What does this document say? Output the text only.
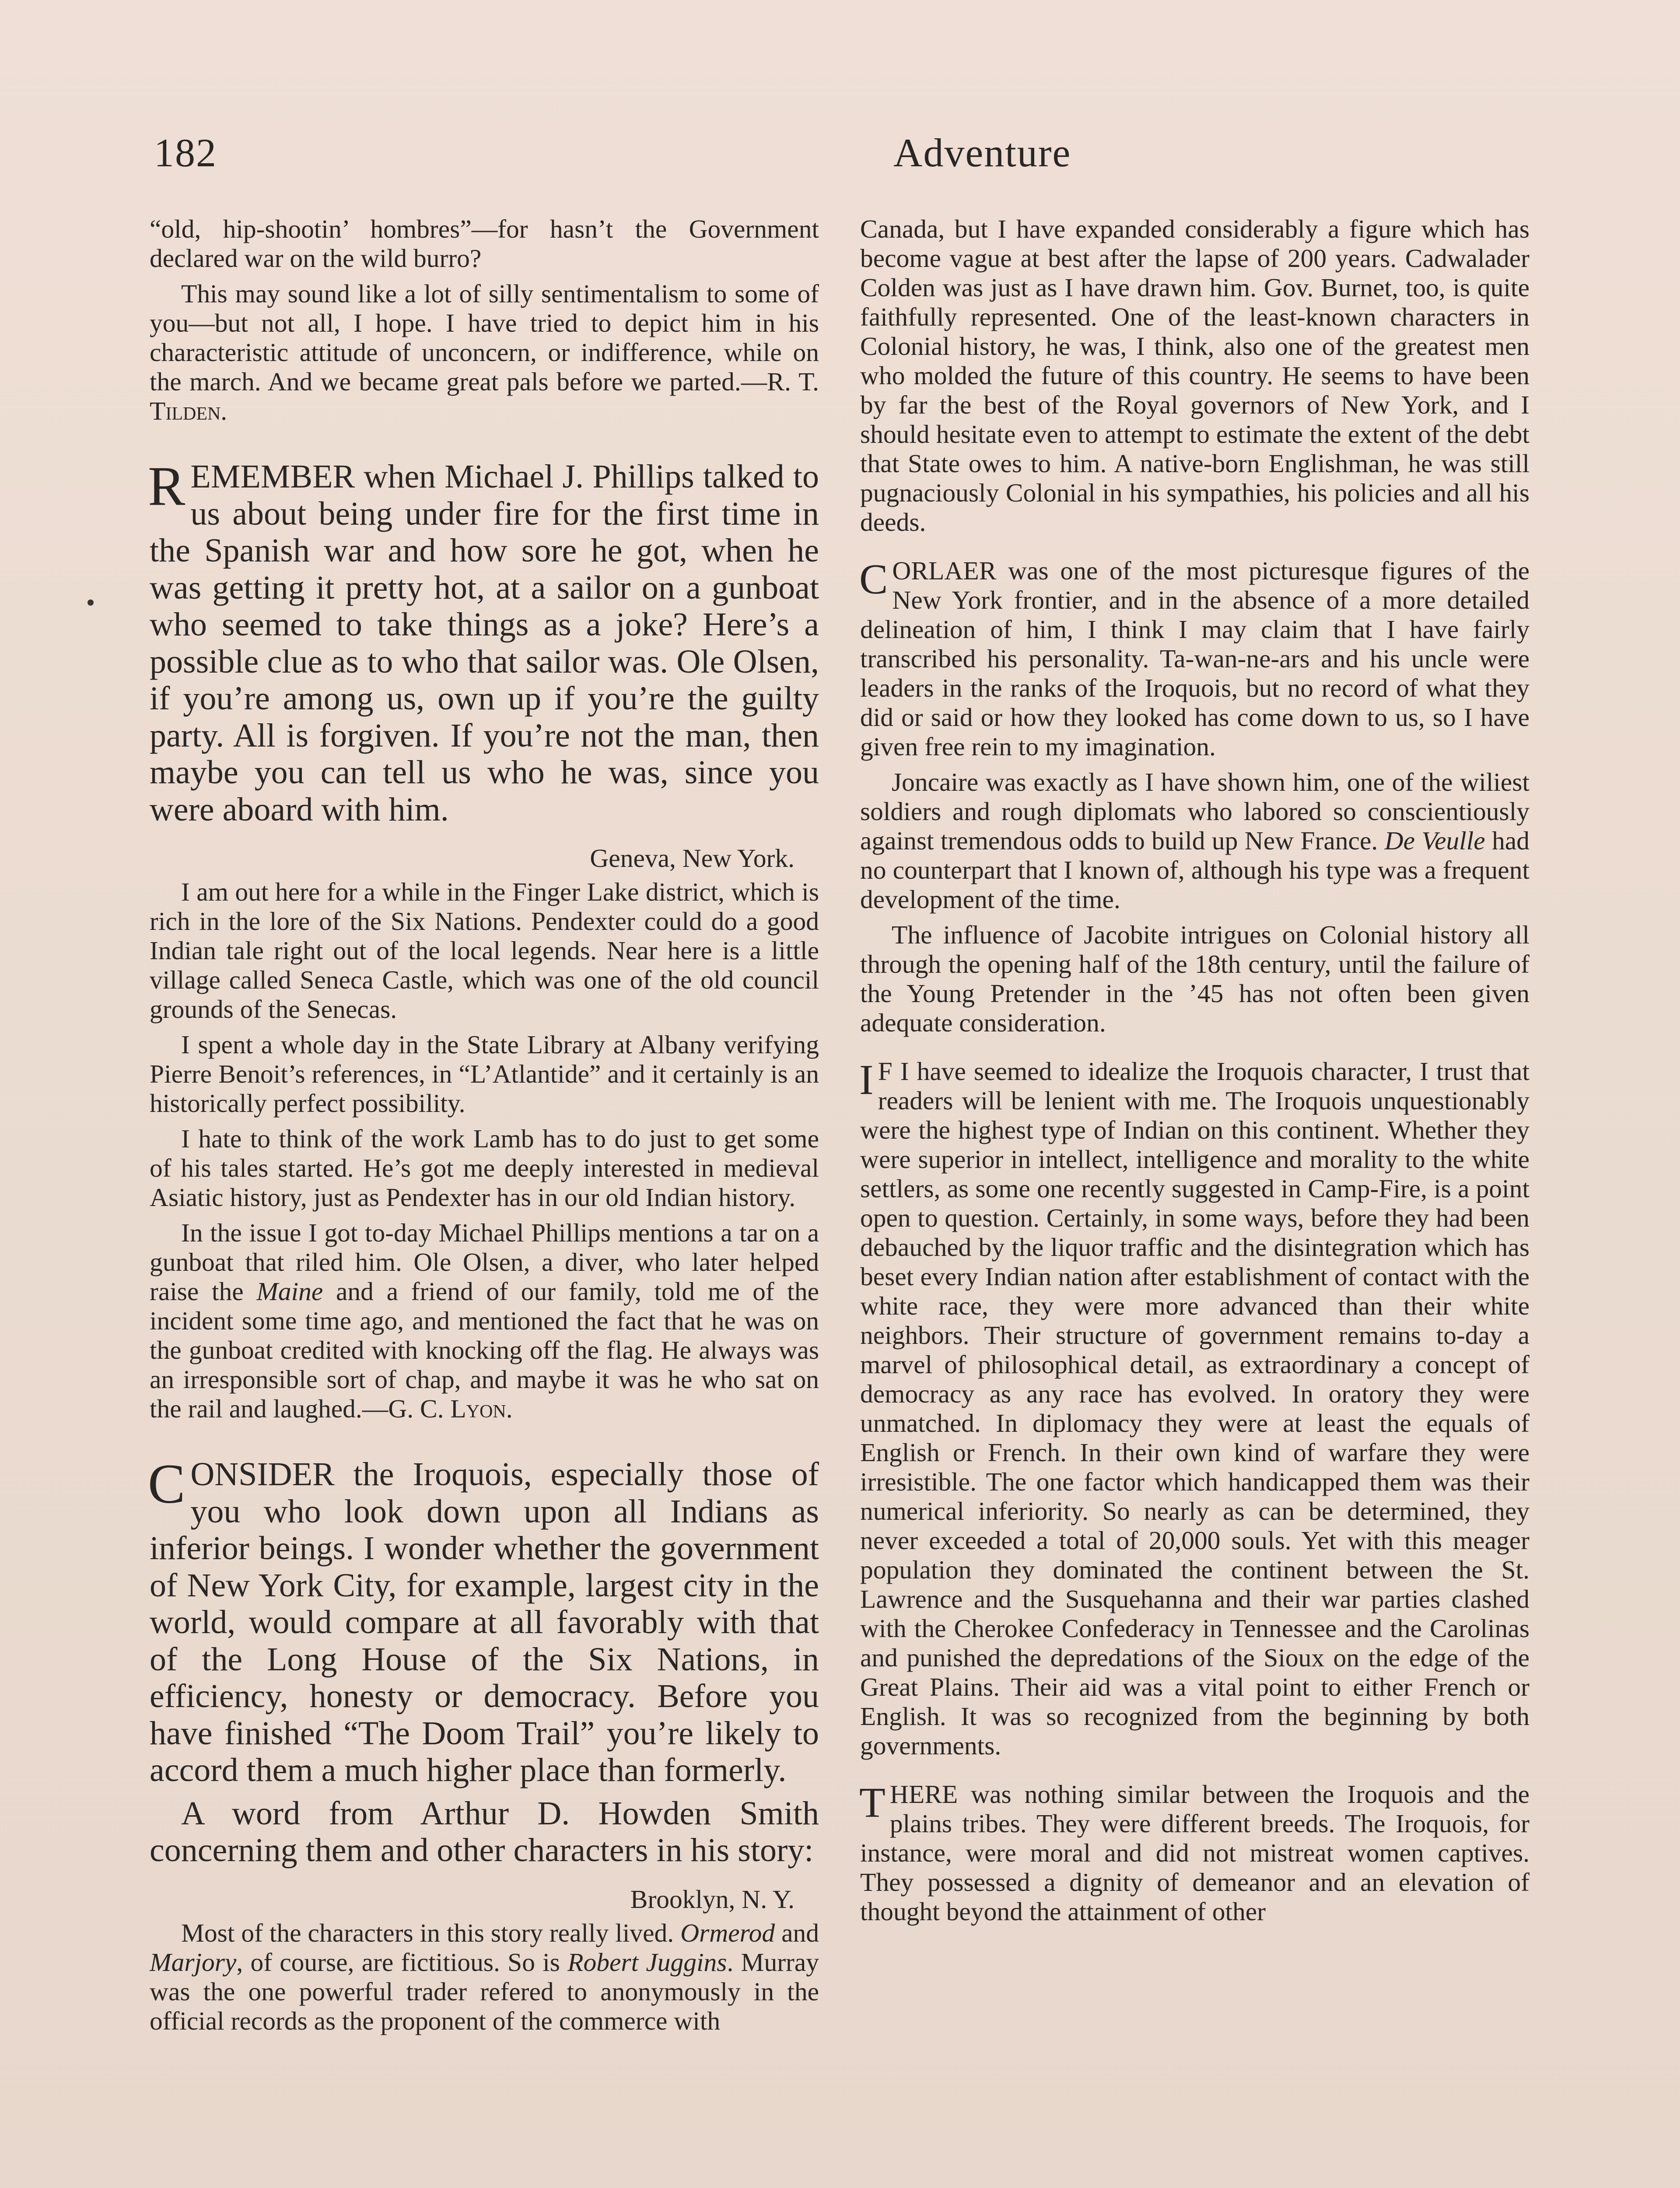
182	Adventure

“old, hip-shootin’ hombres”—for hasn’t the Government declared war on the wild burro?

This may sound like a lot of silly sentimentalism to some of you—but not all, I hope. I have tried to depict him in his characteristic attitude of unconcern, or indifference, while on the march. And we became great pals before we parted.—R. T. Tilden.

REMEMBER when Michael J. Phillips talked to us about being under fire for the first time in the Spanish war and how sore he got, when he was getting it pretty hot, at a sailor on a gunboat who seemed to take things as a joke? Here’s a possible clue as to who that sailor was. Ole Olsen, if you’re among us, own up if you’re the guilty party. All is forgiven. If you’re not the man, then maybe you can tell us who he was, since you were aboard with him.

Geneva, New York.

I am out here for a while in the Finger Lake district, which is rich in the lore of the Six Nations. Pendexter could do a good Indian tale right out of the local legends. Near here is a little village called Seneca Castle, which was one of the old council grounds of the Senecas.

I spent a whole day in the State Library at Albany verifying Pierre Benoit’s references, in “L’Atlantide” and it certainly is an historically perfect possibility.

I hate to think of the work Lamb has to do just to get some of his tales started. He’s got me deeply interested in medieval Asiatic history, just as Pendexter has in our old Indian history.

In the issue I got to-day Michael Phillips mentions a tar on a gunboat that riled him. Ole Olsen, a diver, who later helped raise the Maine and a friend of our family, told me of the incident some time ago, and mentioned the fact that he was on the gunboat credited with knocking off the flag. He always was an irresponsible sort of chap, and maybe it was he who sat on the rail and laughed.—G. C. Lyon.

CONSIDER the Iroquois, especially those of you who look down upon all Indians as inferior beings. I wonder whether the government of New York City, for example, largest city in the world, would compare at all favorably with that of the Long House of the Six Nations, in efficiency, honesty or democracy. Before you have finished “The Doom Trail” you’re likely to accord them a much higher place than formerly.

A word from Arthur D. Howden Smith concerning them and other characters in his story:

Brooklyn, N. Y.

Most of the characters in this story really lived. Ormerod and Marjory, of course, are fictitious. So is Robert Juggins. Murray was the one powerful trader refered to anonymously in the official records as the proponent of the commerce with

Canada, but I have expanded considerably a figure which has become vague at best after the lapse of 200 years. Cadwalader Colden was just as I have drawn him. Gov. Burnet, too, is quite faithfully represented. One of the least-known characters in Colonial history, he was, I think, also one of the greatest men who molded the future of this country. He seems to have been by far the best of the Royal governors of New York, and I should hesitate even to attempt to estimate the extent of the debt that State owes to him. A native-born Englishman, he was still pugnaciously Colonial in his sympathies, his policies and all his deeds.

CORLAER was one of the most picturesque figures of the New York frontier, and in the absence of a more detailed delineation of him, I think I may claim that I have fairly transcribed his personality. Ta-wan-ne-ars and his uncle were leaders in the ranks of the Iroquois, but no record of what they did or said or how they looked has come down to us, so I have given free rein to my imagination.

Joncaire was exactly as I have shown him, one of the wiliest soldiers and rough diplomats who labored so conscientiously against tremendous odds to build up New France. De Veulle had no counterpart that I known of, although his type was a frequent development of the time.

The influence of Jacobite intrigues on Colonial history all through the opening half of the 18th century, until the failure of the Young Pretender in the ’45 has not often been given adequate consideration.

I F I have seemed to idealize the Iroquois character, I trust that readers will be lenient with me. The Iroquois unquestionably were the highest type of Indian on this continent. Whether they were superior in intellect, intelligence and morality to the white settlers, as some one recently suggested in Camp-Fire, is a point open to question. Certainly, in some ways, before they had been debauched by the liquor traffic and the disintegration which has beset every Indian nation after establishment of contact with the white race, they were more advanced than their white neighbors. Their structure of government remains to-day a marvel of philosophical detail, as extraordinary a concept of democracy as any race has evolved. In oratory they were unmatched. In diplomacy they were at least the equals of English or French. In their own kind of warfare they were irresistible. The one factor which handicapped them was their numerical inferiority. So nearly as can be determined, they never exceeded a total of 20,000 souls. Yet with this meager population they dominated the continent between the St. Lawrence and the Susquehanna and their war parties clashed with the Cherokee Confederacy in Tennessee and the Carolinas and punished the depredations of the Sioux on the edge of the Great Plains. Their aid was a vital point to either French or English. It was so recognized from the beginning by both governments.

THERE was nothing similar between the Iroquois and the plains tribes. They were different breeds. The Iroquois, for instance, were moral and did not mistreat women captives. They possessed a dignity of demeanor and an elevation of thought beyond the attainment of other
